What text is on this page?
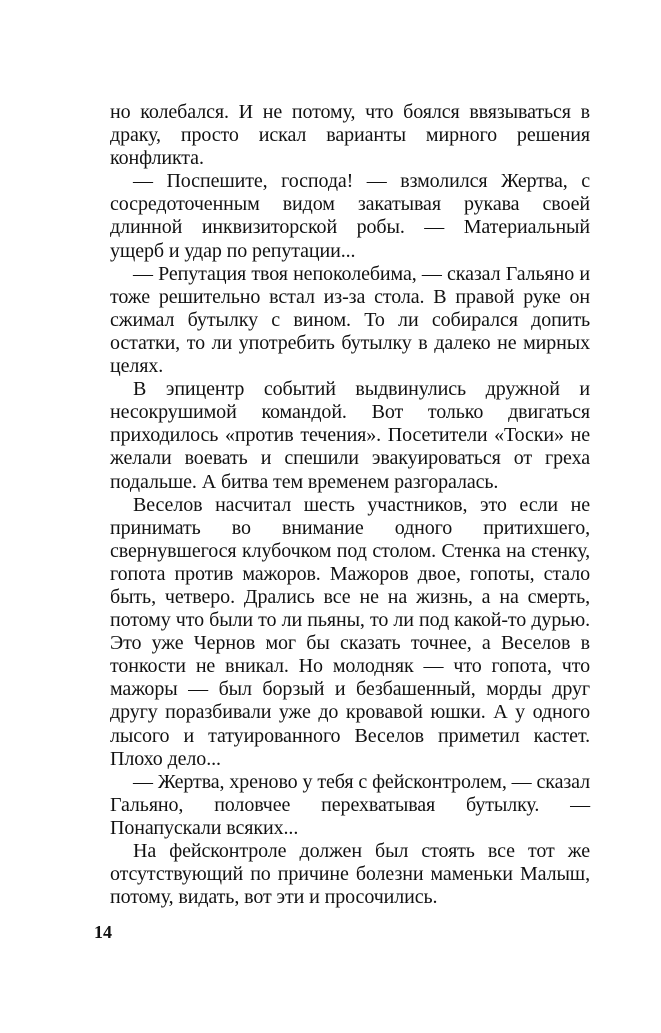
но колебался. И не потому, что боялся ввязываться в драку, просто искал варианты мирного решения конфликта.

— Поспешите, господа! — взмолился Жертва, с сосредоточенным видом закатывая рукава своей длинной инквизиторской робы. — Материальный ущерб и удар по репутации...

— Репутация твоя непоколебима, — сказал Гальяно и тоже решительно встал из-за стола. В правой руке он сжимал бутылку с вином. То ли собирался допить остатки, то ли употребить бутылку в далеко не мирных целях.

В эпицентр событий выдвинулись дружной и несокрушимой командой. Вот только двигаться приходилось «против течения». Посетители «Тоски» не желали воевать и спешили эвакуироваться от греха подальше. А битва тем временем разгоралась.

Веселов насчитал шесть участников, это если не принимать во внимание одного притихшего, свернувшегося клубочком под столом. Стенка на стенку, гопота против мажоров. Мажоров двое, гопоты, стало быть, четверо. Дрались все не на жизнь, а на смерть, потому что были то ли пьяны, то ли под какой-то дурью. Это уже Чернов мог бы сказать точнее, а Веселов в тонкости не вникал. Но молодняк — что гопота, что мажоры — был борзый и безбашенный, морды друг другу поразбивали уже до кровавой юшки. А у одного лысого и татуированного Веселов приметил кастет. Плохо дело...

— Жертва, хреново у тебя с фейсконтролем, — сказал Гальяно, половчее перехватывая бутылку. — Понапускали всяких...

На фейсконтроле должен был стоять все тот же отсутствующий по причине болезни маменьки Малыш, потому, видать, вот эти и просочились.

14
